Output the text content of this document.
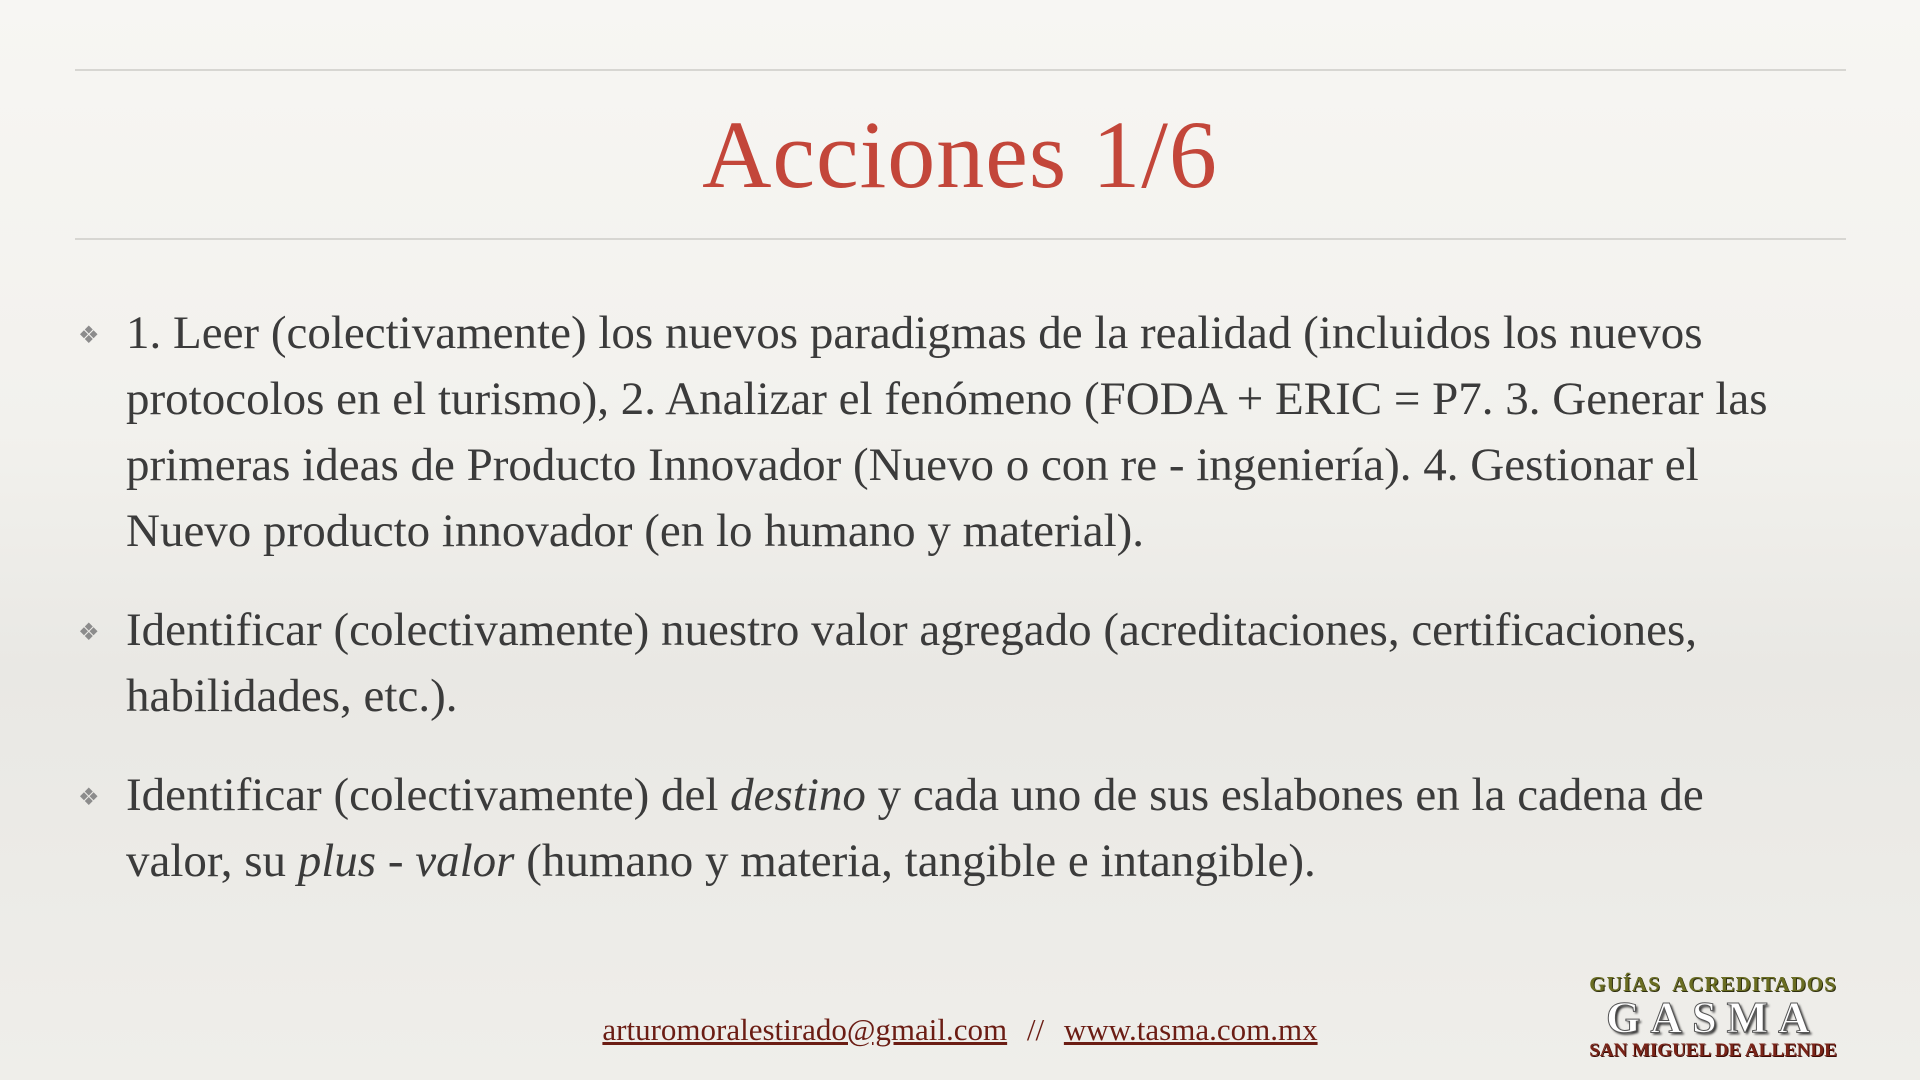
Acciones 1/6
❖ 1. Leer (colectivamente) los nuevos paradigmas de la realidad (incluidos los nuevos protocolos en el turismo), 2. Analizar el fenómeno (FODA + ERIC = P7. 3. Generar las primeras ideas de Producto Innovador (Nuevo o con re - ingeniería). 4. Gestionar el Nuevo producto innovador (en lo humano y material).
❖ Identificar (colectivamente) nuestro valor agregado (acreditaciones, certificaciones, habilidades, etc.).
❖ Identificar (colectivamente) del destino y cada uno de sus eslabones en la cadena de valor, su plus - valor (humano y materia, tangible e intangible).
arturomoralestirado@gmail.com // www.tasma.com.mx
GUÍAS  ACREDITADOS
GASMA
SAN MIGUEL DE ALLENDE
